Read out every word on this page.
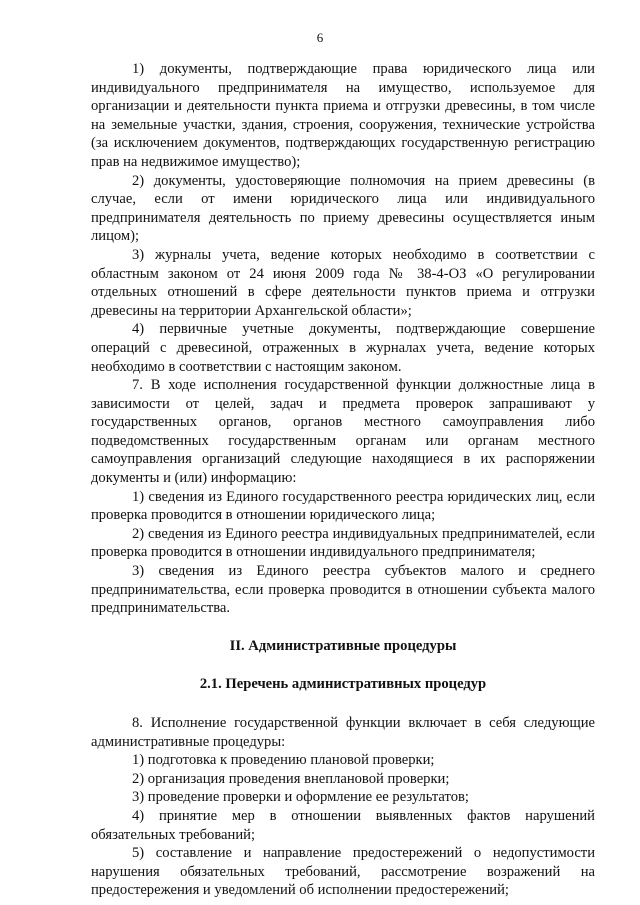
6

1) документы, подтверждающие права юридического лица или индивидуального предпринимателя на имущество, используемое для организации и деятельности пункта приема и отгрузки древесины, в том числе на земельные участки, здания, строения, сооружения, технические устройства (за исключением документов, подтверждающих государственную регистрацию прав на недвижимое имущество);

2) документы, удостоверяющие полномочия на прием древесины (в случае, если от имени юридического лица или индивидуального предпринимателя деятельность по приему древесины осуществляется иным лицом);

3) журналы учета, ведение которых необходимо в соответствии с областным законом от 24 июня 2009 года № 38-4-ОЗ «О регулировании отдельных отношений в сфере деятельности пунктов приема и отгрузки древесины на территории Архангельской области»;

4) первичные учетные документы, подтверждающие совершение операций с древесиной, отраженных в журналах учета, ведение которых необходимо в соответствии с настоящим законом.

7. В ходе исполнения государственной функции должностные лица в зависимости от целей, задач и предмета проверок запрашивают у государственных органов, органов местного самоуправления либо подведомственных государственным органам или органам местного самоуправления организаций следующие находящиеся в их распоряжении документы и (или) информацию:

1) сведения из Единого государственного реестра юридических лиц, если проверка проводится в отношении юридического лица;

2) сведения из Единого реестра индивидуальных предпринимателей, если проверка проводится в отношении индивидуального предпринимателя;

3) сведения из Единого реестра субъектов малого и среднего предпринимательства, если проверка проводится в отношении субъекта малого предпринимательства.

II. Административные процедуры

2.1. Перечень административных процедур

8. Исполнение государственной функции включает в себя следующие административные процедуры:

1) подготовка к проведению плановой проверки;

2) организация проведения внеплановой проверки;

3) проведение проверки и оформление ее результатов;

4) принятие мер в отношении выявленных фактов нарушений обязательных требований;

5) составление и направление предостережений о недопустимости нарушения обязательных требований, рассмотрение возражений на предостережения и уведомлений об исполнении предостережений;
